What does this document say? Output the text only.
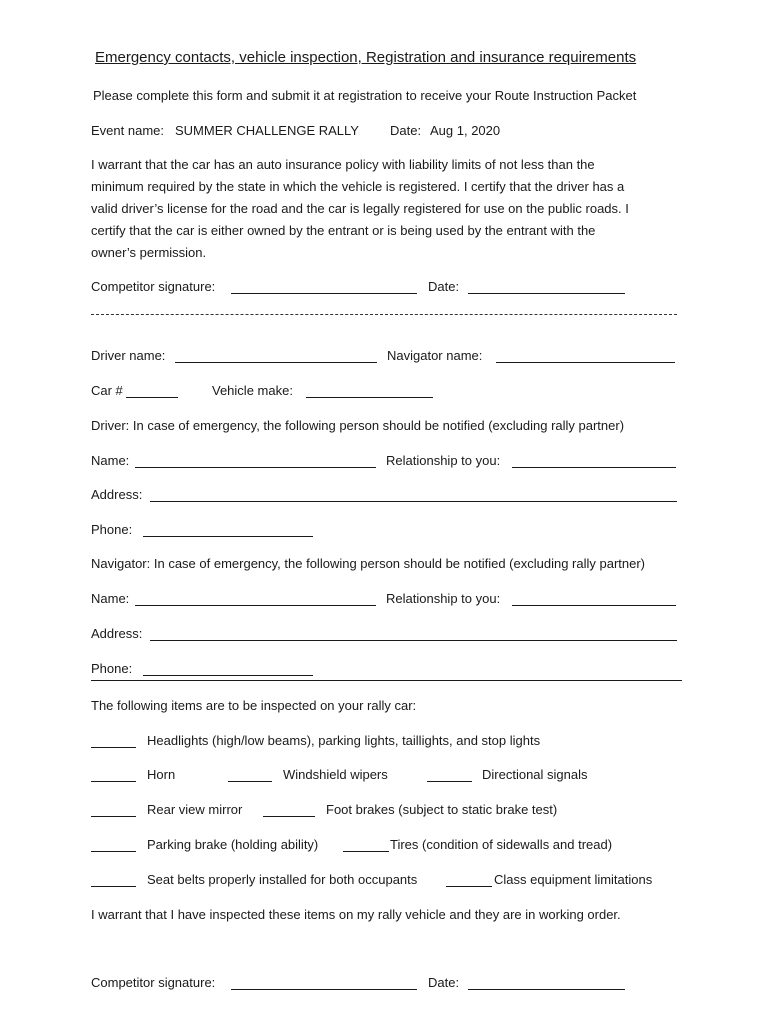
Emergency contacts, vehicle inspection, Registration and insurance requirements
Please complete this form and submit it at registration to receive your Route Instruction Packet
Event name: SUMMER CHALLENGE RALLY Date: Aug 1, 2020
I warrant that the car has an auto insurance policy with liability limits of not less than the
minimum required by the state in which the vehicle is registered. I certify that the driver has a
valid driver’s license for the road and the car is legally registered for use on the public roads. I
certify that the car is either owned by the entrant or is being used by the entrant with the
owner’s permission.
Competitor signature:	Date:
Driver name:	Navigator name:
Car #	Vehicle make:
Driver: In case of emergency, the following person should be notified (excluding rally partner)
Name:	Relationship to you:
Address:
Phone:
Navigator: In case of emergency, the following person should be notified (excluding rally partner)
Name:	Relationship to you:
Address:
Phone:
The following items are to be inspected on your rally car:
Headlights (high/low beams), parking lights, taillights, and stop lights
Horn	Windshield wipers	Directional signals
Rear view mirror	Foot brakes (subject to static brake test)
Parking brake (holding ability)	Tires (condition of sidewalls and tread)
Seat belts properly installed for both occupants	Class equipment limitations
I warrant that I have inspected these items on my rally vehicle and they are in working order.
Competitor signature:	Date:
